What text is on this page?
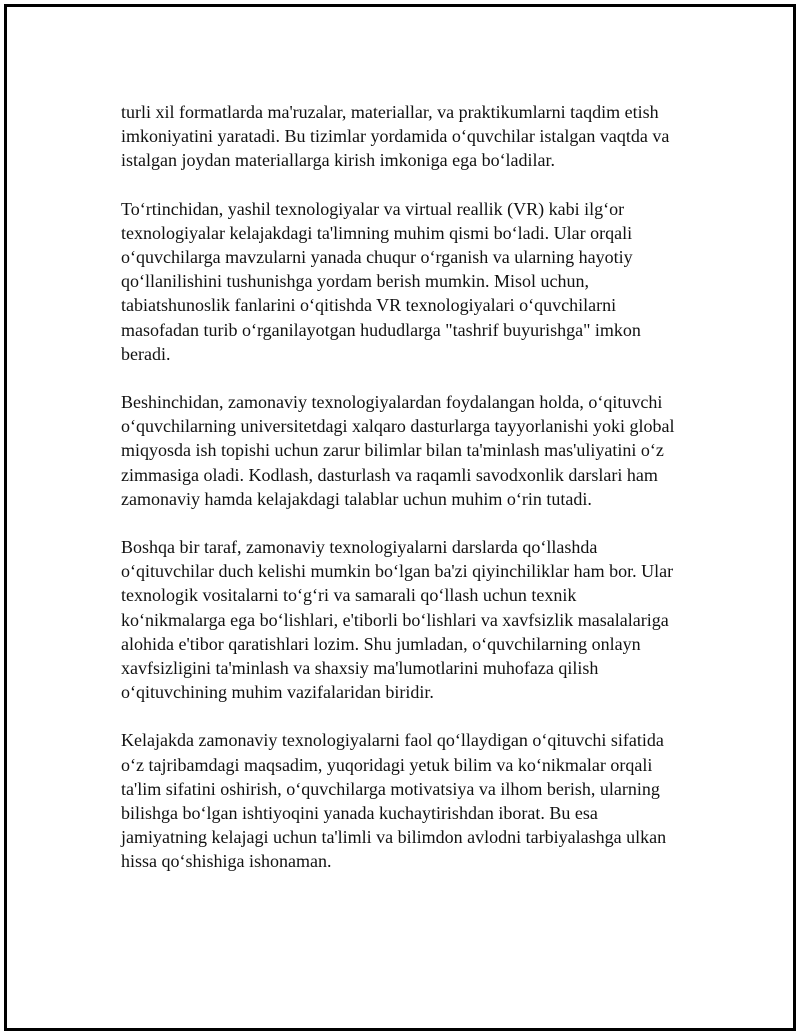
turli xil formatlarda ma'ruzalar, materiallar, va praktikumlarni taqdim etish
imkoniyatini yaratadi. Bu tizimlar yordamida o‘quvchilar istalgan vaqtda va
istalgan joydan materiallarga kirish imkoniga ega bo‘ladilar.

To‘rtinchidan, yashil texnologiyalar va virtual reallik (VR) kabi ilg‘or
texnologiyalar kelajakdagi ta'limning muhim qismi bo‘ladi. Ular orqali
o‘quvchilarga mavzularni yanada chuqur o‘rganish va ularning hayotiy
qo‘llanilishini tushunishga yordam berish mumkin. Misol uchun,
tabiatshunoslik fanlarini o‘qitishda VR texnologiyalari o‘quvchilarni
masofadan turib o‘rganilayotgan hududlarga "tashrif buyurishga" imkon
beradi.

Beshinchidan, zamonaviy texnologiyalardan foydalangan holda, o‘qituvchi
o‘quvchilarning universitetdagi xalqaro dasturlarga tayyorlanishi yoki global
miqyosda ish topishi uchun zarur bilimlar bilan ta'minlash mas'uliyatini o‘z
zimmasiga oladi. Kodlash, dasturlash va raqamli savodxonlik darslari ham
zamonaviy hamda kelajakdagi talablar uchun muhim o‘rin tutadi.

Boshqa bir taraf, zamonaviy texnologiyalarni darslarda qo‘llashda
o‘qituvchilar duch kelishi mumkin bo‘lgan ba'zi qiyinchiliklar ham bor. Ular
texnologik vositalarni to‘g‘ri va samarali qo‘llash uchun texnik
ko‘nikmalarga ega bo‘lishlari, e'tiborli bo‘lishlari va xavfsizlik masalalariga
alohida e'tibor qaratishlari lozim. Shu jumladan, o‘quvchilarning onlayn
xavfsizligini ta'minlash va shaxsiy ma'lumotlarini muhofaza qilish
o‘qituvchining muhim vazifalaridan biridir.

Kelajakda zamonaviy texnologiyalarni faol qo‘llaydigan o‘qituvchi sifatida
o‘z tajribamdagi maqsadim, yuqoridagi yetuk bilim va ko‘nikmalar orqali
ta'lim sifatini oshirish, o‘quvchilarga motivatsiya va ilhom berish, ularning
bilishga bo‘lgan ishtiyoqini yanada kuchaytirishdan iborat. Bu esa
jamiyatning kelajagi uchun ta'limli va bilimdon avlodni tarbiyalashga ulkan
hissa qo‘shishiga ishonaman.
